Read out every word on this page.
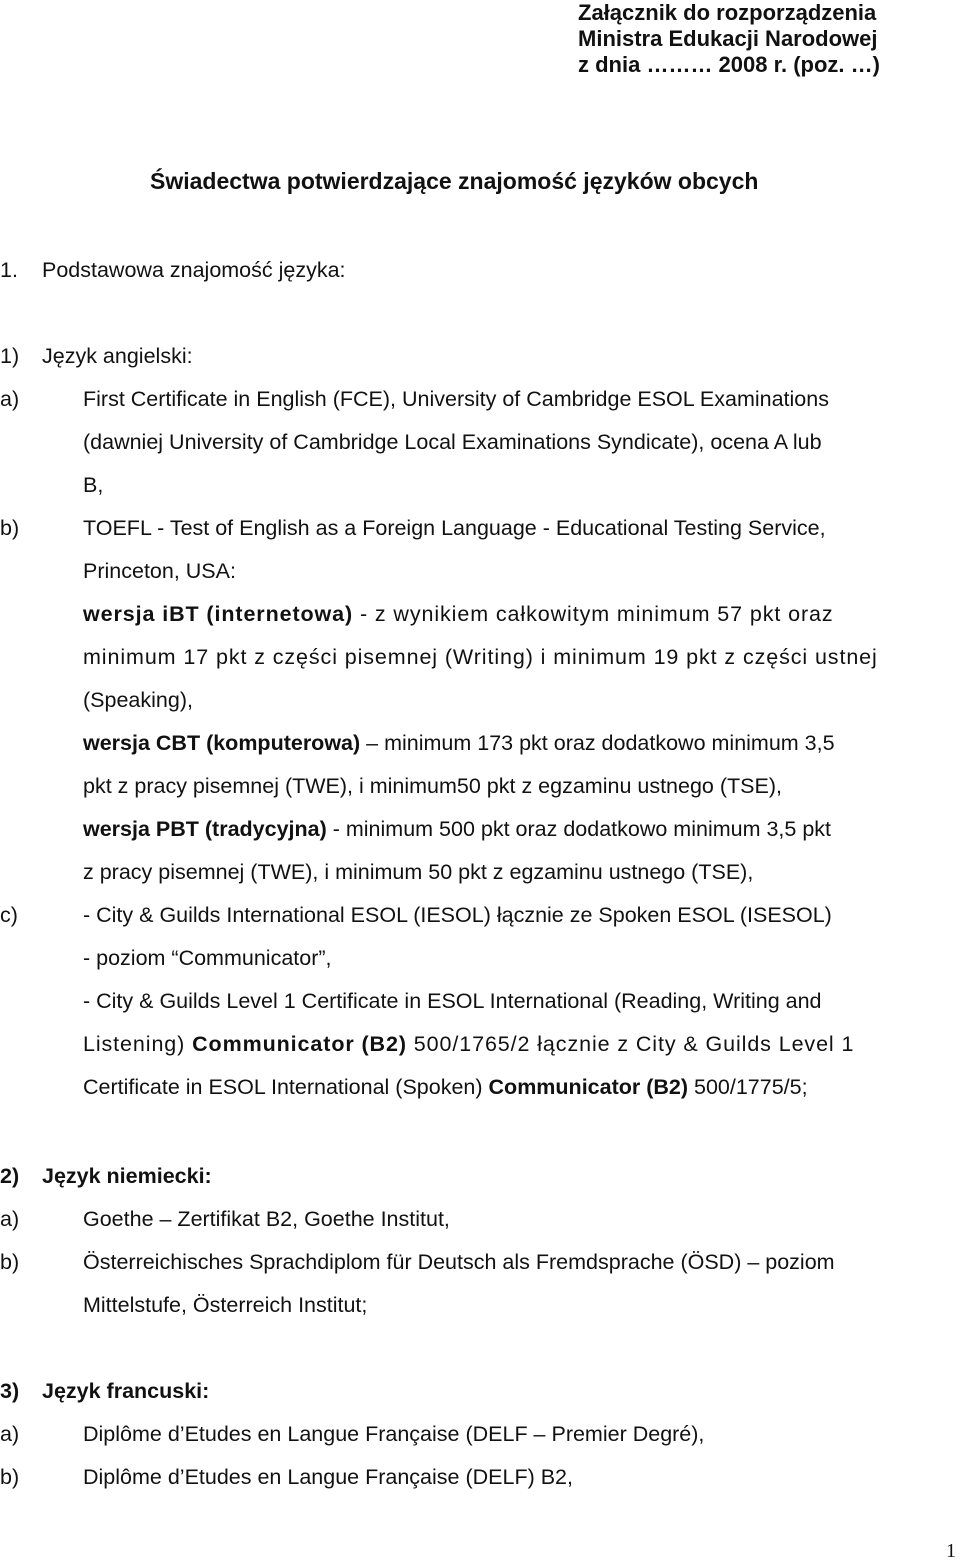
Załącznik do rozporządzenia
Ministra Edukacji Narodowej
z dnia ……… 2008 r. (poz. …)
Świadectwa potwierdzające znajomość języków obcych
1. Podstawowa znajomość języka:
1) Język angielski:
a)	First Certificate in English (FCE), University of Cambridge ESOL Examinations
(dawniej University of Cambridge Local Examinations Syndicate), ocena A lub
B,
b)	TOEFL - Test of English as a Foreign Language - Educational Testing Service,
Princeton, USA:
wersja iBT (internetowa) - z wynikiem całkowitym minimum 57 pkt oraz
minimum 17 pkt z części pisemnej (Writing) i minimum 19 pkt z części ustnej
(Speaking),
wersja CBT (komputerowa) – minimum 173 pkt oraz dodatkowo minimum 3,5
pkt z pracy pisemnej (TWE), i minimum50 pkt z egzaminu ustnego (TSE),
wersja PBT (tradycyjna) - minimum 500 pkt oraz dodatkowo minimum 3,5 pkt
z pracy pisemnej (TWE), i minimum 50 pkt z egzaminu ustnego (TSE),
c)	- City & Guilds International ESOL (IESOL) łącznie ze Spoken ESOL (ISESOL)
- poziom “Communicator”,
- City & Guilds Level 1 Certificate in ESOL International (Reading, Writing and
Listening) Communicator (B2) 500/1765/2 łącznie z City & Guilds Level 1
Certificate in ESOL International (Spoken) Communicator (B2) 500/1775/5;
2) Język niemiecki:
a)	Goethe – Zertifikat B2, Goethe Institut,
b)	Österreichisches Sprachdiplom für Deutsch als Fremdsprache (ÖSD) – poziom
Mittelstufe, Österreich Institut;
3) Język francuski:
a)	Diplôme d’Etudes en Langue Française (DELF – Premier Degré),
b)	Diplôme d’Etudes en Langue Française (DELF) B2,
1
